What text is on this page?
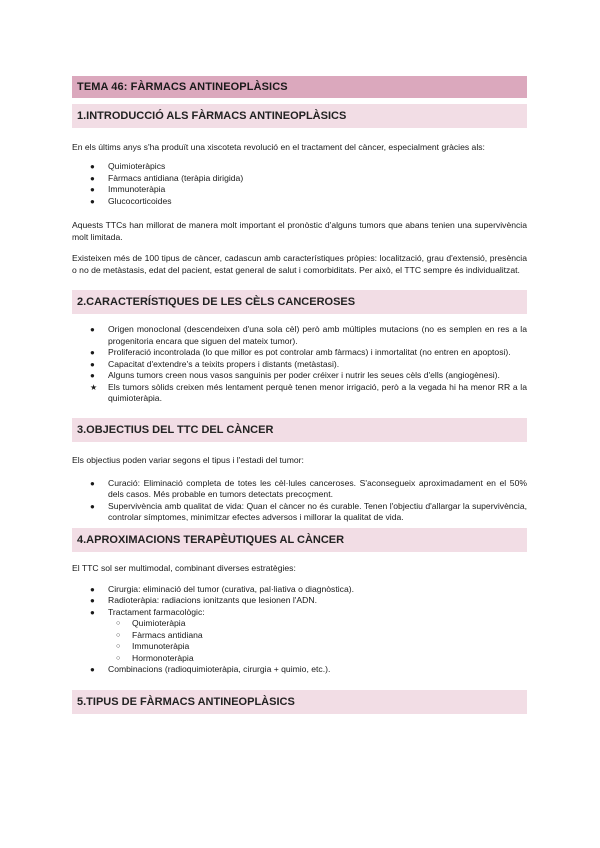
TEMA 46: FÀRMACS ANTINEOPLÀSICS
1.INTRODUCCIÓ ALS FÀRMACS ANTINEOPLÀSICS

En els últims anys s'ha produït una xiscoteta revolució en el tractament del càncer, especialment gràcies als:

● Quimioteràpics
● Fàrmacs antidiana (teràpia dirigida)
● Immunoteràpia
● Glucocorticoides

Aquests TTCs han millorat de manera molt important el pronòstic d'alguns tumors que abans tenien una supervivència molt limitada.

Existeixen més de 100 tipus de càncer, cadascun amb característiques pròpies: localització, grau d'extensió, presència o no de metàstasis, edat del pacient, estat general de salut i comorbiditats. Per això, el TTC sempre és individualitzat.

2.CARACTERÍSTIQUES DE LES CÈLS CANCEROSES
● Origen monoclonal (descendeixen d'una sola cèl) però amb múltiples mutacions (no es semplen en res a la progenitoria encara que siguen del mateix tumor).
● Proliferació incontrolada (lo que millor es pot controlar amb fàrmacs) i inmortalitat (no entren en apoptosi).
● Capacitat d'extendre's a teixits propers i distants (metàstasi).
● Alguns tumors creen nous vasos sanguinis per poder créixer i nutrir les seues cèls d'ells (angiogènesi).
★ Els tumors sòlids creixen més lentament perquè tenen menor irrigació, però a la vegada hi ha menor RR a la quimioteràpia.
3.OBJECTIUS DEL TTC DEL CÀNCER

Els objectius poden variar segons el tipus i l'estadi del tumor:

● Curació: Eliminació completa de totes les cèl·lules canceroses. S'aconsegueix aproximadament en el 50% dels casos. Més probable en tumors detectats precoçment.
● Supervivència amb qualitat de vida: Quan el càncer no és curable. Tenen l'objectiu d'allargar la supervivència, controlar símptomes, minimitzar efectes adversos i millorar la qualitat de vida.
4.APROXIMACIONS TERAPÈUTIQUES AL CÀNCER

El TTC sol ser multimodal, combinant diverses estratègies:

● Cirurgia: eliminació del tumor (curativa, pal·liativa o diagnòstica).
● Radioteràpia: radiacions ionitzants que lesionen l'ADN.
● Tractament farmacològic:
○ Quimioteràpia
○ Fàrmacs antidiana
○ Immunoteràpia
○ Hormonoteràpia
● Combinacions (radioquimioteràpia, cirurgia + quimio, etc.).
5.TIPUS DE FÀRMACS ANTINEOPLÀSICS
